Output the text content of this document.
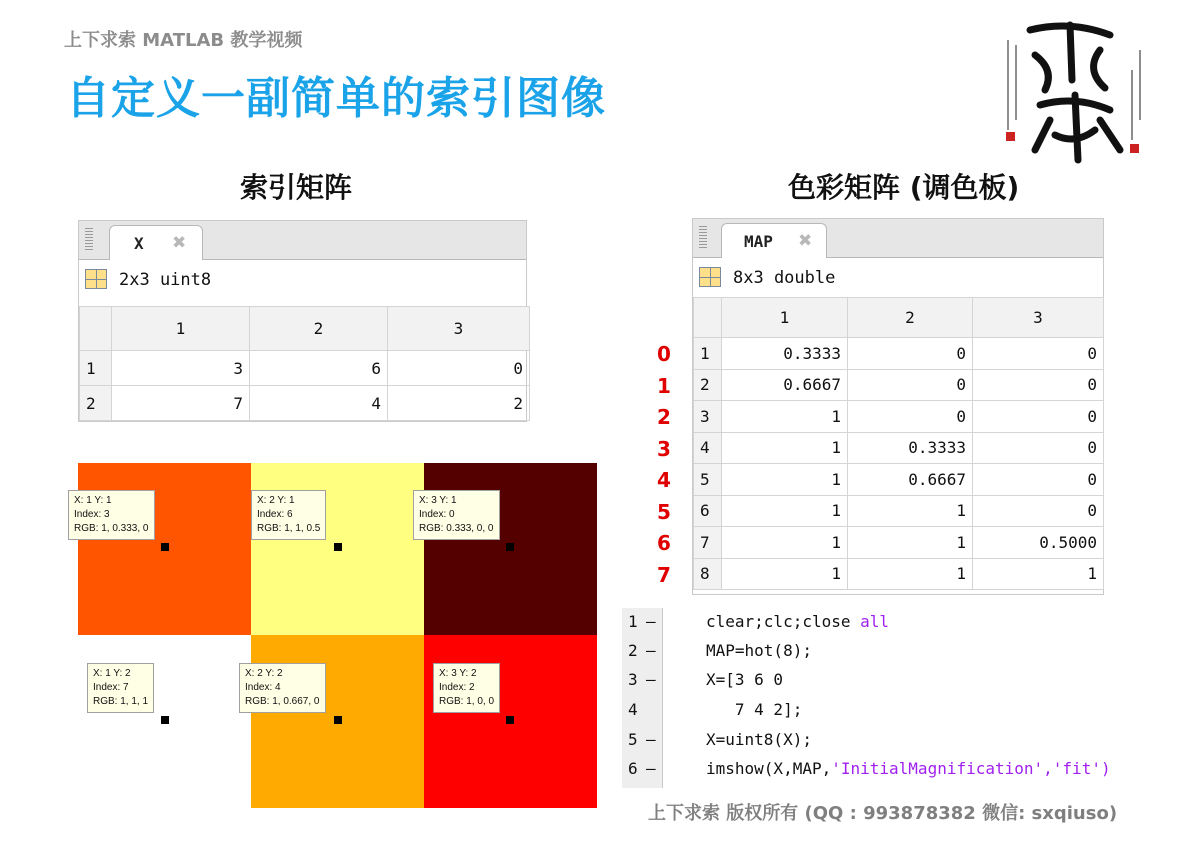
上下求索 MATLAB 教学视频
自定义一副简单的索引图像
索引矩阵	色彩矩阵 (调色板)
X ✖
2x3 uint8
	1	2	3
1	3	6	0
2	7	4	2
MAP ✖
8x3 double
	1	2	3
1	0.3333	0	0
2	0.6667	0	0
3	1	0	0
4	1	0.3333	0
5	1	0.6667	0
6	1	1	0
7	1	1	0.5000
8	1	1	1
0
1
2
3
4
5
6
7
X: 1 Y: 1
Index: 3
RGB: 1, 0.333, 0
X: 2 Y: 1
Index: 6
RGB: 1, 1, 0.5
X: 3 Y: 1
Index: 0
RGB: 0.333, 0, 0
X: 1 Y: 2
Index: 7
RGB: 1, 1, 1
X: 2 Y: 2
Index: 4
RGB: 1, 0.667, 0
X: 3 Y: 2
Index: 2
RGB: 1, 0, 0
1 –	clear;clc;close all
2 –	MAP=hot(8);
3 –	X=[3 6 0
4	7 4 2];
5 –	X=uint8(X);
6 –	imshow(X,MAP,'InitialMagnification','fit')
上下求索 版权所有 (QQ : 993878382 微信: sxqiuso)
